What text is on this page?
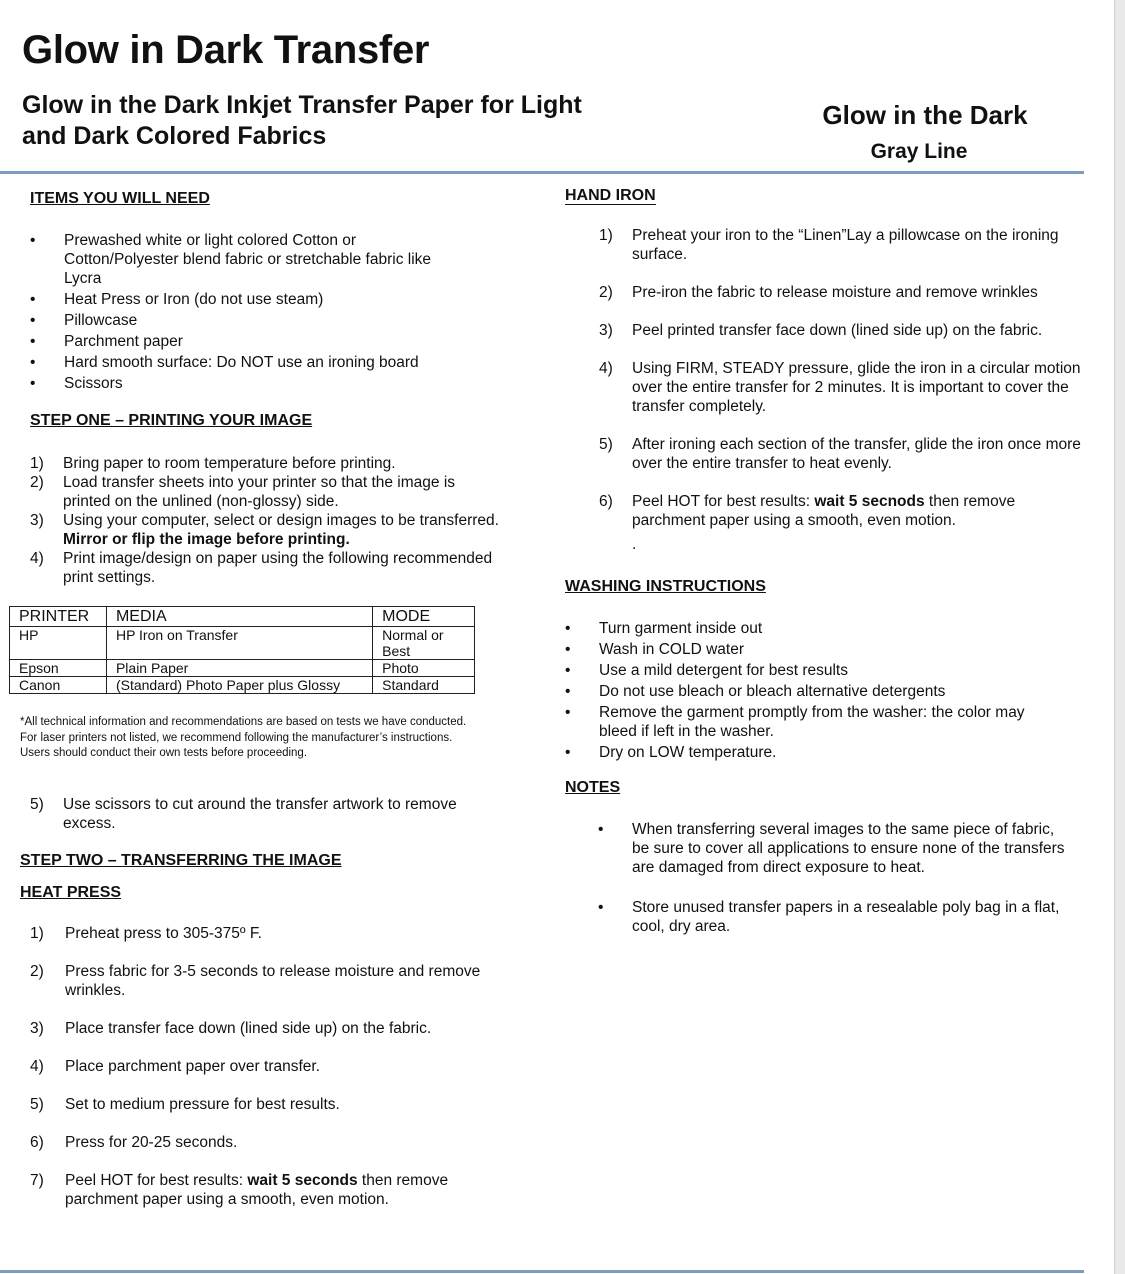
Glow in Dark Transfer
Glow in the Dark Inkjet Transfer Paper for Light and Dark Colored Fabrics
Glow in the Dark
Gray Line
ITEMS YOU WILL NEED
• Prewashed white or light colored Cotton or Cotton/Polyester blend fabric or stretchable fabric like Lycra
• Heat Press or Iron (do not use steam)
• Pillowcase
• Parchment paper
• Hard smooth surface: Do NOT use an ironing board
• Scissors
STEP ONE – PRINTING YOUR IMAGE
1) Bring paper to room temperature before printing.
2) Load transfer sheets into your printer so that the image is printed on the unlined (non-glossy) side.
3) Using your computer, select or design images to be transferred. Mirror or flip the image before printing.
4) Print image/design on paper using the following recommended print settings.
PRINTER	MEDIA	MODE
HP	HP Iron on Transfer	Normal or Best
Epson	Plain Paper	Photo
Canon	(Standard) Photo Paper plus Glossy	Standard

*All technical information and recommendations are based on tests we have conducted. For laser printers not listed, we recommend following the manufacturer’s instructions. Users should conduct their own tests before proceeding.

5) Use scissors to cut around the transfer artwork to remove excess.
STEP TWO – TRANSFERRING THE IMAGE
HEAT PRESS
1) Preheat press to 305-375º F.
2) Press fabric for 3-5 seconds to release moisture and remove wrinkles.
3) Place transfer face down (lined side up) on the fabric.
4) Place parchment paper over transfer.
5) Set to medium pressure for best results.
6) Press for 20-25 seconds.
7) Peel HOT for best results: wait 5 seconds then remove parchment paper using a smooth, even motion.
HAND IRON
1) Preheat your iron to the “Linen”Lay a pillowcase on the ironing surface.
2) Pre-iron the fabric to release moisture and remove wrinkles
3) Peel printed transfer face down (lined side up) on the fabric.
4) Using FIRM, STEADY pressure, glide the iron in a circular motion over the entire transfer for 2 minutes. It is important to cover the transfer completely.
5) After ironing each section of the transfer, glide the iron once more over the entire transfer to heat evenly.
6) Peel HOT for best results: wait 5 secnods then remove parchment paper using a smooth, even motion.

.

WASHING INSTRUCTIONS
• Turn garment inside out
• Wash in COLD water
• Use a mild detergent for best results
• Do not use bleach or bleach alternative detergents
• Remove the garment promptly from the washer: the color may bleed if left in the washer.
• Dry on LOW temperature.
NOTES
• When transferring several images to the same piece of fabric, be sure to cover all applications to ensure none of the transfers are damaged from direct exposure to heat.
• Store unused transfer papers in a resealable poly bag in a flat, cool, dry area.
